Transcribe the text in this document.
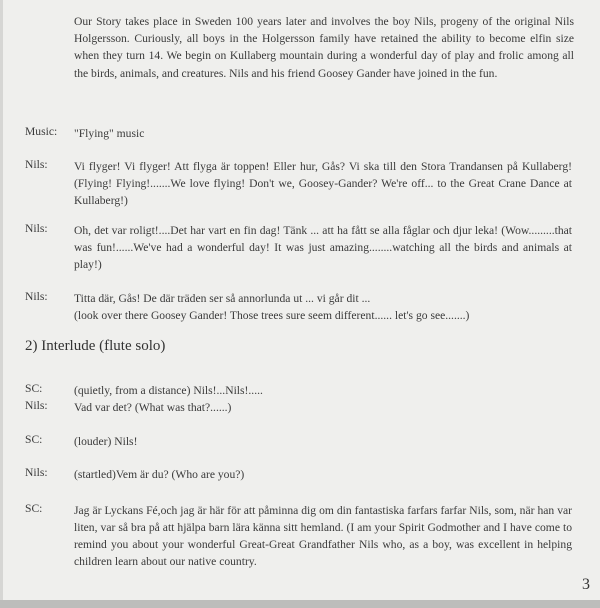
Our Story takes place in Sweden 100 years later and involves the boy Nils, progeny of the original Nils Holgersson. Curiously, all boys in the Holgersson family have retained the ability to become elfin size when they turn 14. We begin on Kullaberg mountain during a wonderful day of play and frolic among all the birds, animals, and creatures. Nils and his friend Goosey Gander have joined in the fun.
Music: "Flying" music
Nils: Vi flyger! Vi flyger! Att flyga är toppen! Eller hur, Gås? Vi ska till den Stora Trandansen på Kullaberg! (Flying! Flying!.......We love flying! Don't we, Goosey-Gander? We're off... to the Great Crane Dance at Kullaberg!)
Nils: Oh, det var roligt!....Det har vart en fin dag! Tänk ... att ha fått se alla fåglar och djur leka! (Wow.........that was fun!......We've had a wonderful day! It was just amazing........watching all the birds and animals at play!)
Nils: Titta där, Gås! De där träden ser så annorlunda ut ... vi går dit ...
(look over there Goosey Gander! Those trees sure seem different...... let's go see.......)
2) Interlude (flute solo)
SC:	(quietly, from a distance) Nils!...Nils!.....
Nils: Vad var det? (What was that?......)
SC:	(louder) Nils!
Nils: (startled)Vem är du? (Who are you?)
SC:	Jag är Lyckans Fé,och jag är här för att påminna dig om din fantastiska farfars farfar Nils, som, när han var liten, var så bra på att hjälpa barn lära känna sitt hemland. (I am your Spirit Godmother and I have come to remind you about your wonderful Great-Great Grandfather Nils who, as a boy, was excellent in helping children learn about our native country.
3
